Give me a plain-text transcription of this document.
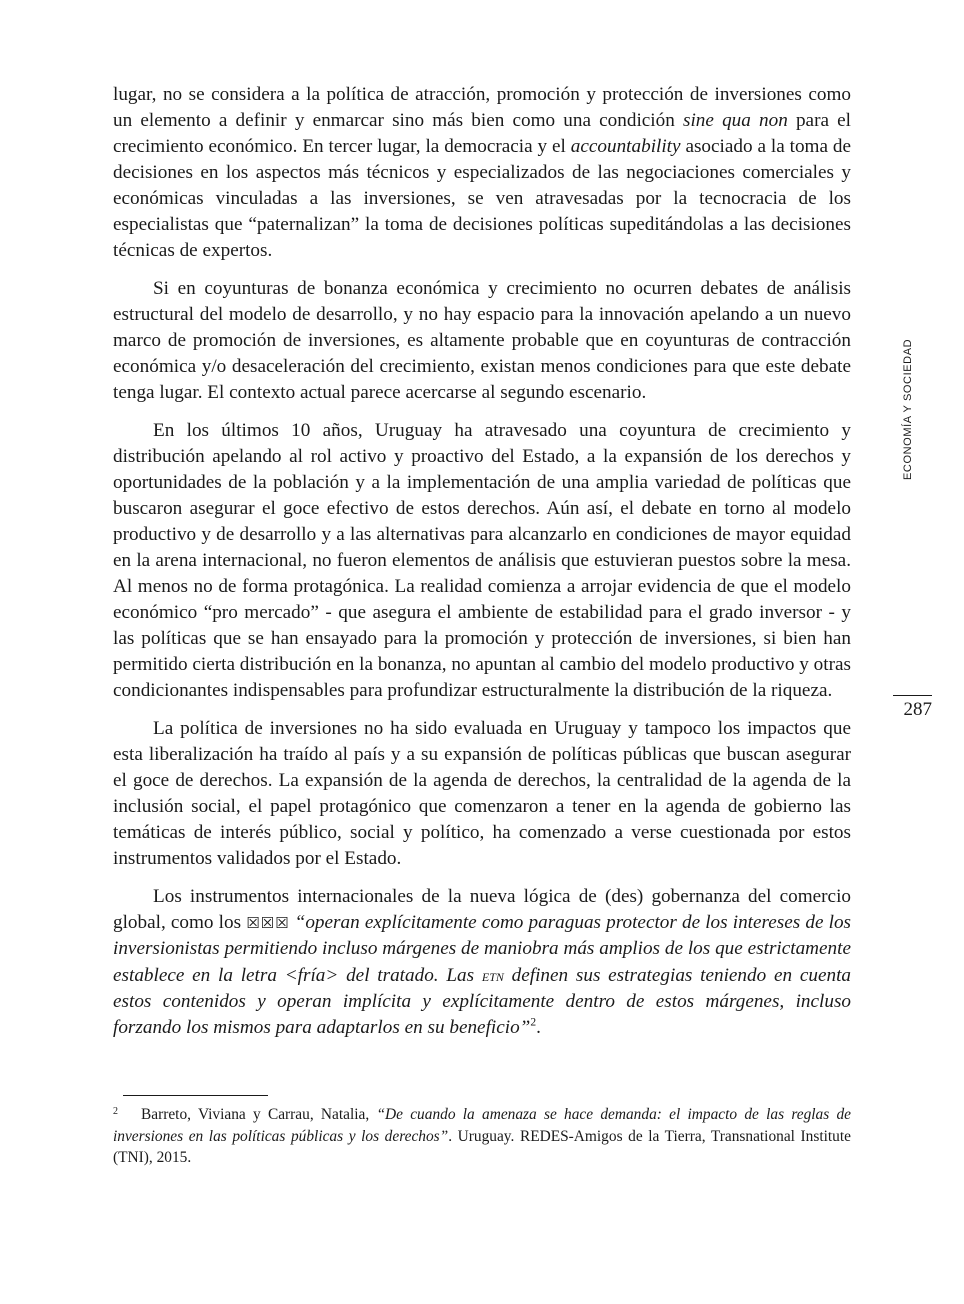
lugar, no se considera a la política de atracción, promoción y protección de inversiones como un elemento a definir y enmarcar sino más bien como una condición sine qua non para el crecimiento económico. En tercer lugar, la democracia y el accountability asociado a la toma de decisiones en los aspectos más técnicos y especializados de las negociaciones comerciales y económicas vinculadas a las inversiones, se ven atravesadas por la tecnocracia de los especialistas que “paternalizan” la toma de decisiones políticas supeditándolas a las decisiones técnicas de expertos.

Si en coyunturas de bonanza económica y crecimiento no ocurren debates de análisis estructural del modelo de desarrollo, y no hay espacio para la innovación apelando a un nuevo marco de promoción de inversiones, es altamente probable que en coyunturas de contracción económica y/o desaceleración del crecimiento, existan menos condiciones para que este debate tenga lugar. El contexto actual parece acercarse al segundo escenario.

En los últimos 10 años, Uruguay ha atravesado una coyuntura de crecimiento y distribución apelando al rol activo y proactivo del Estado, a la expansión de los derechos y oportunidades de la población y a la implementación de una amplia variedad de políticas que buscaron asegurar el goce efectivo de estos derechos. Aún así, el debate en torno al modelo productivo y de desarrollo y a las alternativas para alcanzarlo en condiciones de mayor equidad en la arena internacional, no fueron elementos de análisis que estuvieran puestos sobre la mesa. Al menos no de forma protagónica. La realidad comienza a arrojar evidencia de que el modelo económico “pro mercado” - que asegura el ambiente de estabilidad para el grado inversor - y las políticas que se han ensayado para la promoción y protección de inversiones, si bien han permitido cierta distribución en la bonanza, no apuntan al cambio del modelo productivo y otras condicionantes indispensables para profundizar estructuralmente la distribución de la riqueza.

La política de inversiones no ha sido evaluada en Uruguay y tampoco los impactos que esta liberalización ha traído al país y a su expansión de políticas públicas que buscan asegurar el goce de derechos. La expansión de la agenda de derechos, la centralidad de la agenda de la inclusión social, el papel protagónico que comenzaron a tener en la agenda de gobierno las temáticas de interés público, social y político, ha comenzado a verse cuestionada por estos instrumentos validados por el Estado.

Los instrumentos internacionales de la nueva lógica de (des) gobernanza del comercio global, como los ☒☒☒ “operan explícitamente como paraguas protector de los intereses de los inversionistas permitiendo incluso márgenes de maniobra más amplios de los que estrictamente establece en la letra <fría> del tratado. Las etn definen sus estrategias teniendo en cuenta estos contenidos y operan implícita y explícitamente dentro de estos márgenes, incluso forzando los mismos para adaptarlos en su beneficio”$^2$.

2 Barreto, Viviana y Carrau, Natalia, “De cuando la amenaza se hace demanda: el impacto de las reglas de inversiones en las políticas públicas y los derechos”. Uruguay. REDES-Amigos de la Tierra, Transnational Institute (TNI), 2015.
ECONOMÍA Y SOCIEDAD
287
